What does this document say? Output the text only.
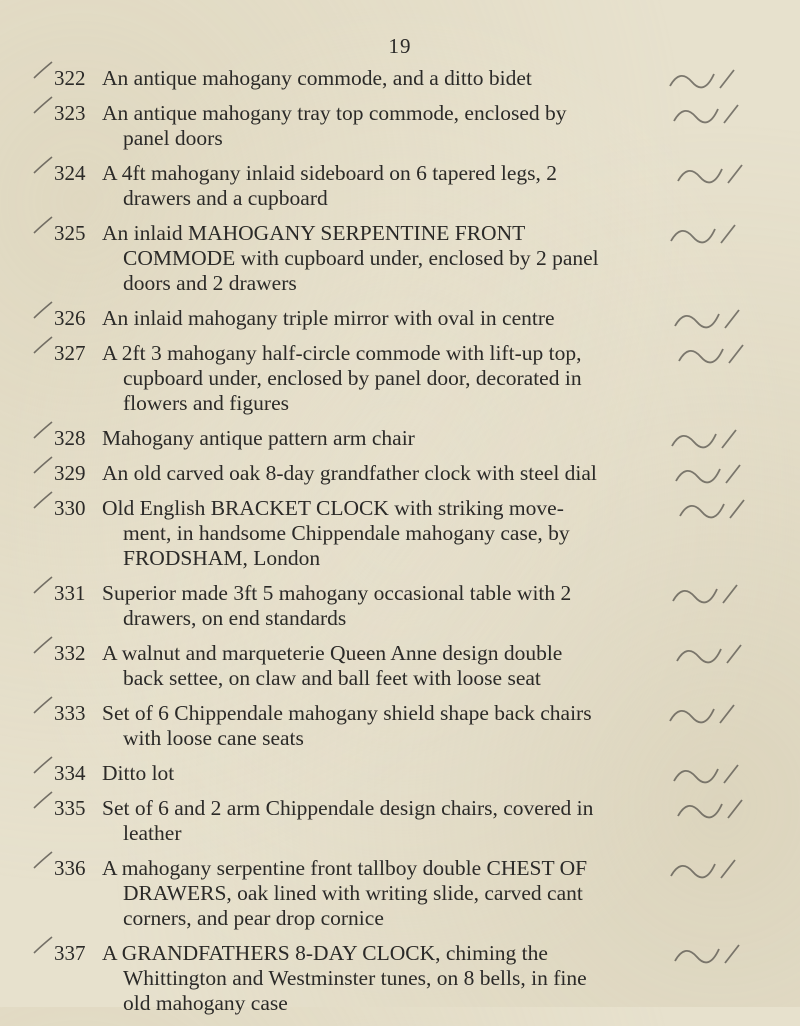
19
322 An antique mahogany commode, and a ditto bidet
323 An antique mahogany tray top commode, enclosed by
panel doors
324 A 4ft mahogany inlaid sideboard on 6 tapered legs, 2
drawers and a cupboard
325 An inlaid MAHOGANY SERPENTINE FRONT
COMMODE with cupboard under, enclosed by 2 panel
doors and 2 drawers
326 An inlaid mahogany triple mirror with oval in centre
327 A 2ft 3 mahogany half-circle commode with lift-up top,
cupboard under, enclosed by panel door, decorated in
flowers and figures
328 Mahogany antique pattern arm chair
329 An old carved oak 8-day grandfather clock with steel dial
330 Old English BRACKET CLOCK with striking move-
ment, in handsome Chippendale mahogany case, by
FRODSHAM, London
331 Superior made 3ft 5 mahogany occasional table with 2
drawers, on end standards
332 A walnut and marqueterie Queen Anne design double
back settee, on claw and ball feet with loose seat
333 Set of 6 Chippendale mahogany shield shape back chairs
with loose cane seats
334 Ditto lot
335 Set of 6 and 2 arm Chippendale design chairs, covered in
leather
336 A mahogany serpentine front tallboy double CHEST OF
DRAWERS, oak lined with writing slide, carved cant
corners, and pear drop cornice
337 A GRANDFATHERS 8-DAY CLOCK, chiming the
Whittington and Westminster tunes, on 8 bells, in fine
old mahogany case
